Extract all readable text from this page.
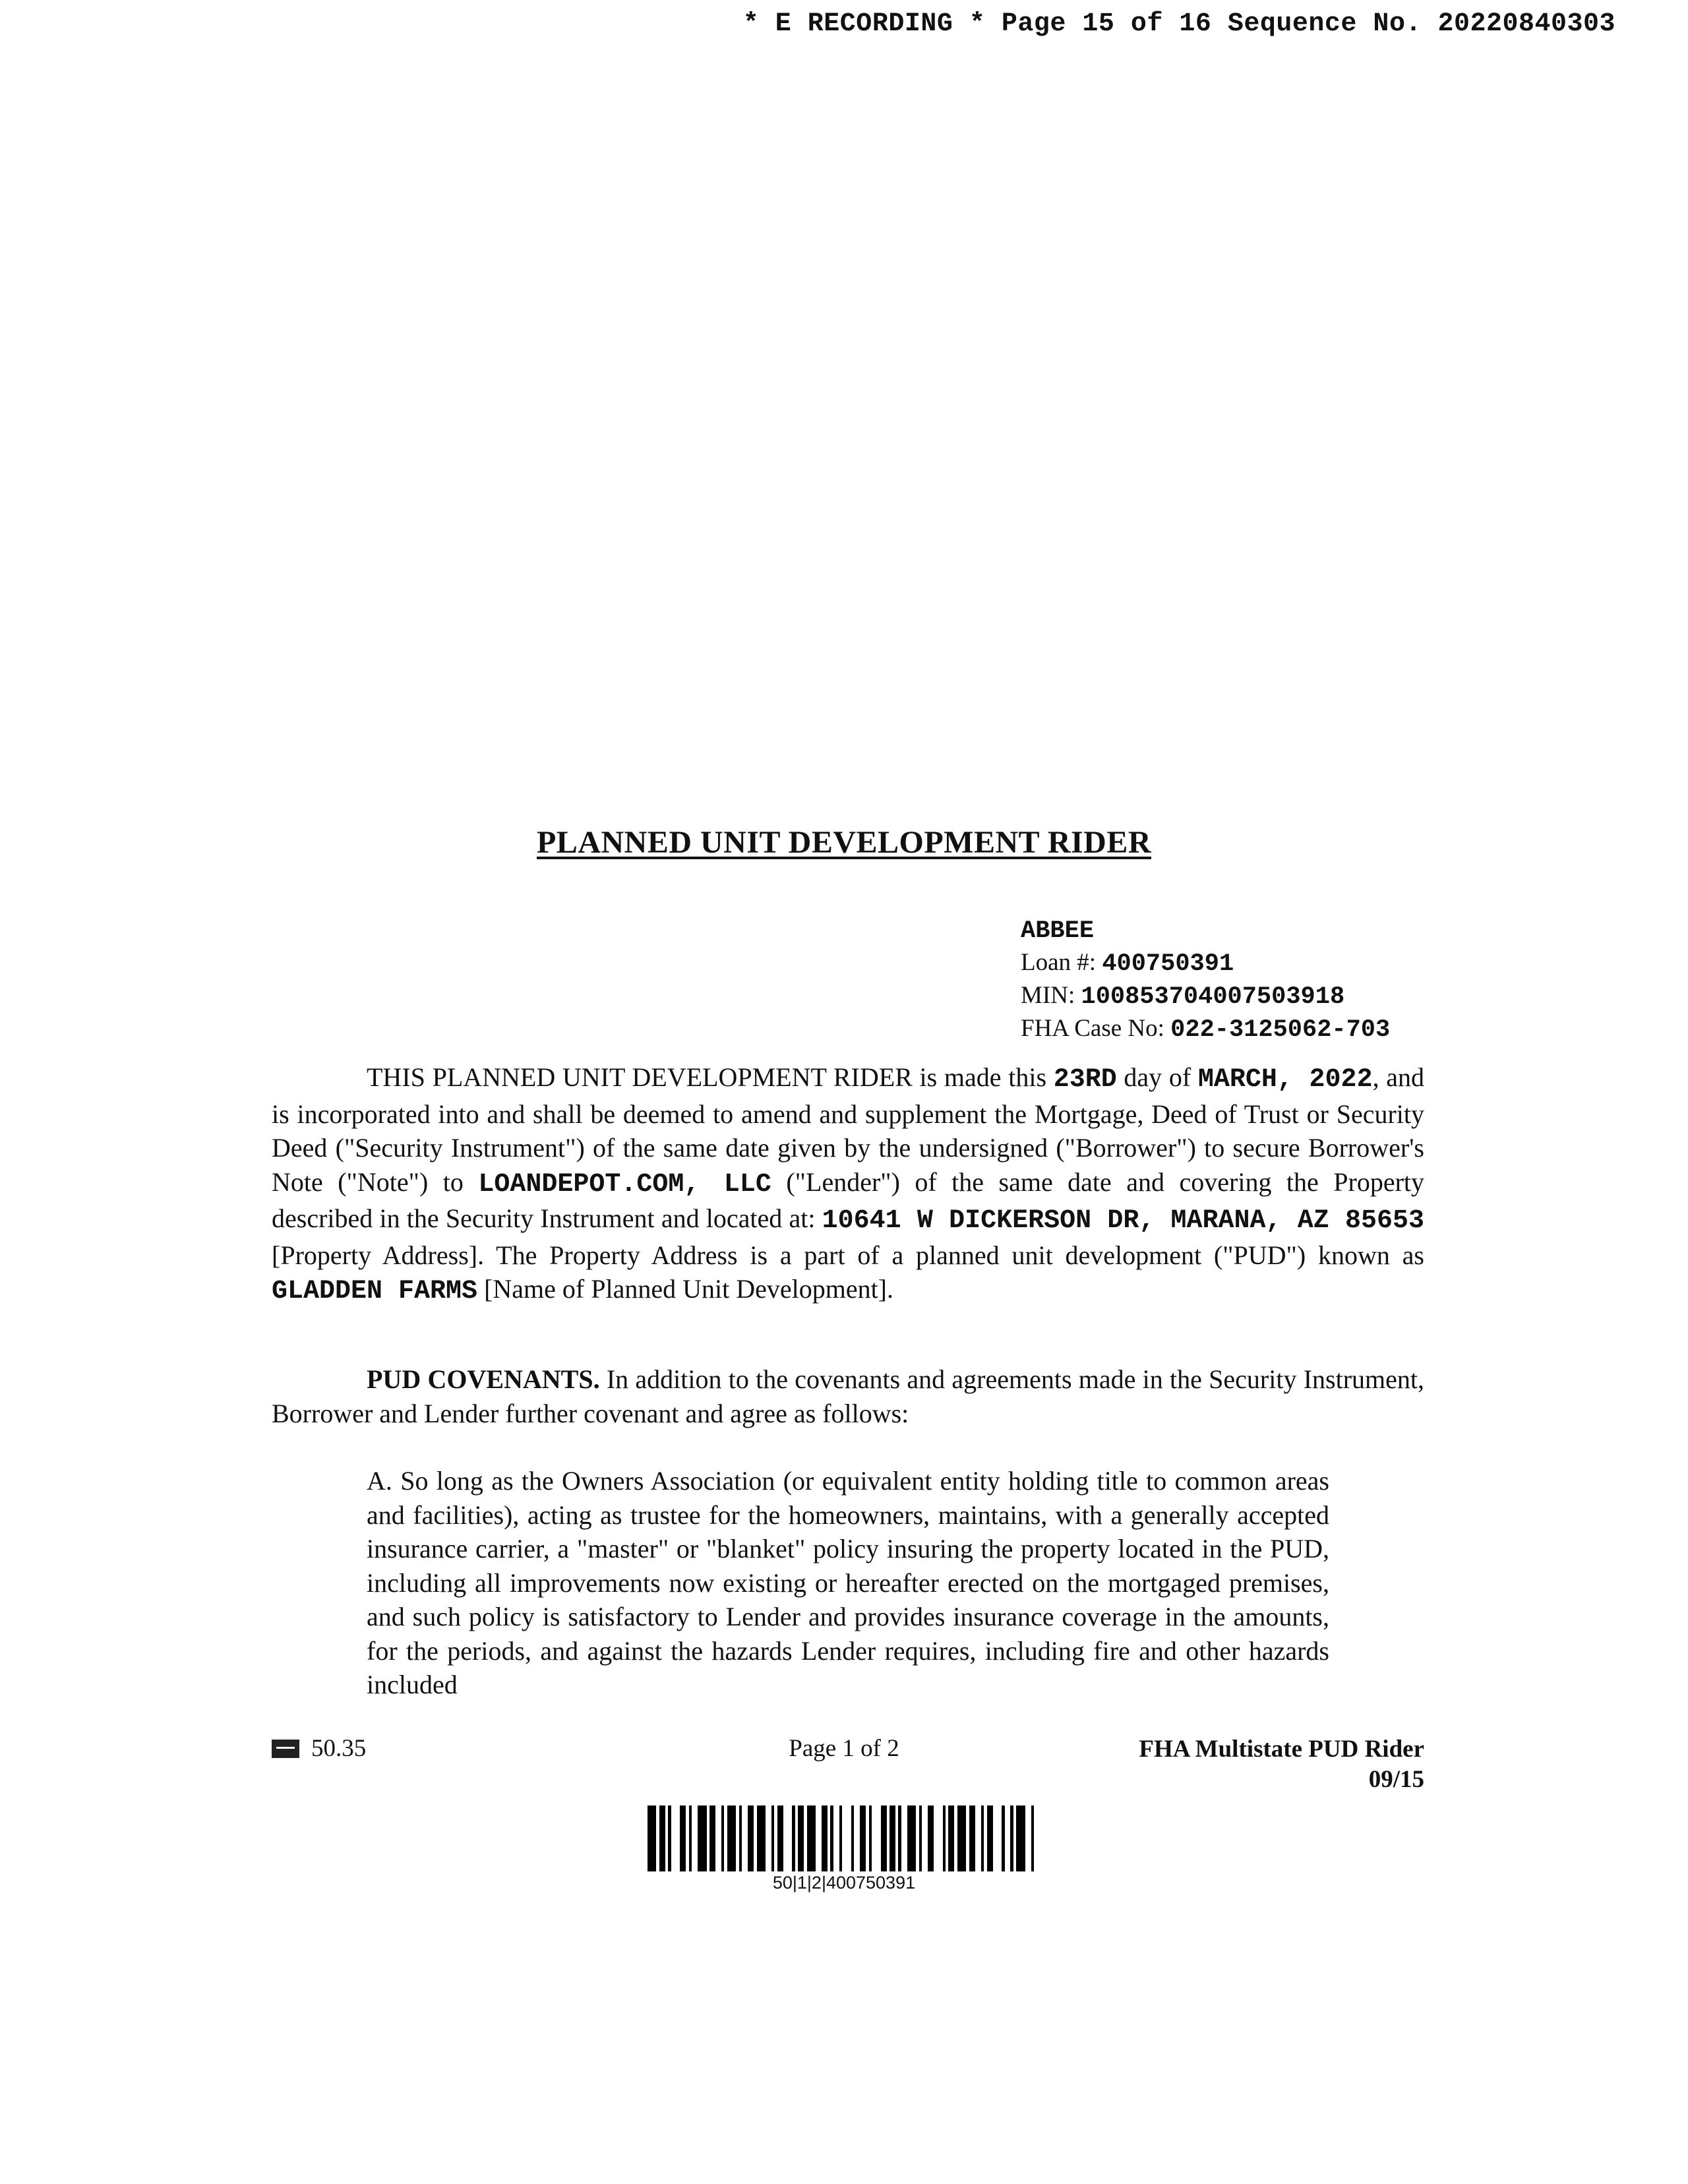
* E RECORDING * Page 15 of 16 Sequence No. 20220840303
PLANNED UNIT DEVELOPMENT RIDER
ABBEE
Loan #: 400750391
MIN: 100853704007503918
FHA Case No: 022-3125062-703

THIS PLANNED UNIT DEVELOPMENT RIDER is made this 23RD day of MARCH, 2022, and is incorporated into and shall be deemed to amend and supplement the Mortgage, Deed of Trust or Security Deed ("Security Instrument") of the same date given by the undersigned ("Borrower") to secure Borrower's Note ("Note") to LOANDEPOT.COM, LLC ("Lender") of the same date and covering the Property described in the Security Instrument and located at: 10641 W DICKERSON DR, MARANA, AZ 85653 [Property Address]. The Property Address is a part of a planned unit development ("PUD") known as GLADDEN FARMS [Name of Planned Unit Development].

PUD COVENANTS. In addition to the covenants and agreements made in the Security Instrument, Borrower and Lender further covenant and agree as follows:

A. So long as the Owners Association (or equivalent entity holding title to common areas and facilities), acting as trustee for the homeowners, maintains, with a generally accepted insurance carrier, a "master" or "blanket" policy insuring the property located in the PUD, including all improvements now existing or hereafter erected on the mortgaged premises, and such policy is satisfactory to Lender and provides insurance coverage in the amounts, for the periods, and against the hazards Lender requires, including fire and other hazards included

50.35	Page 1 of 2	FHA Multistate PUD Rider
09/15
50|1|2|400750391
